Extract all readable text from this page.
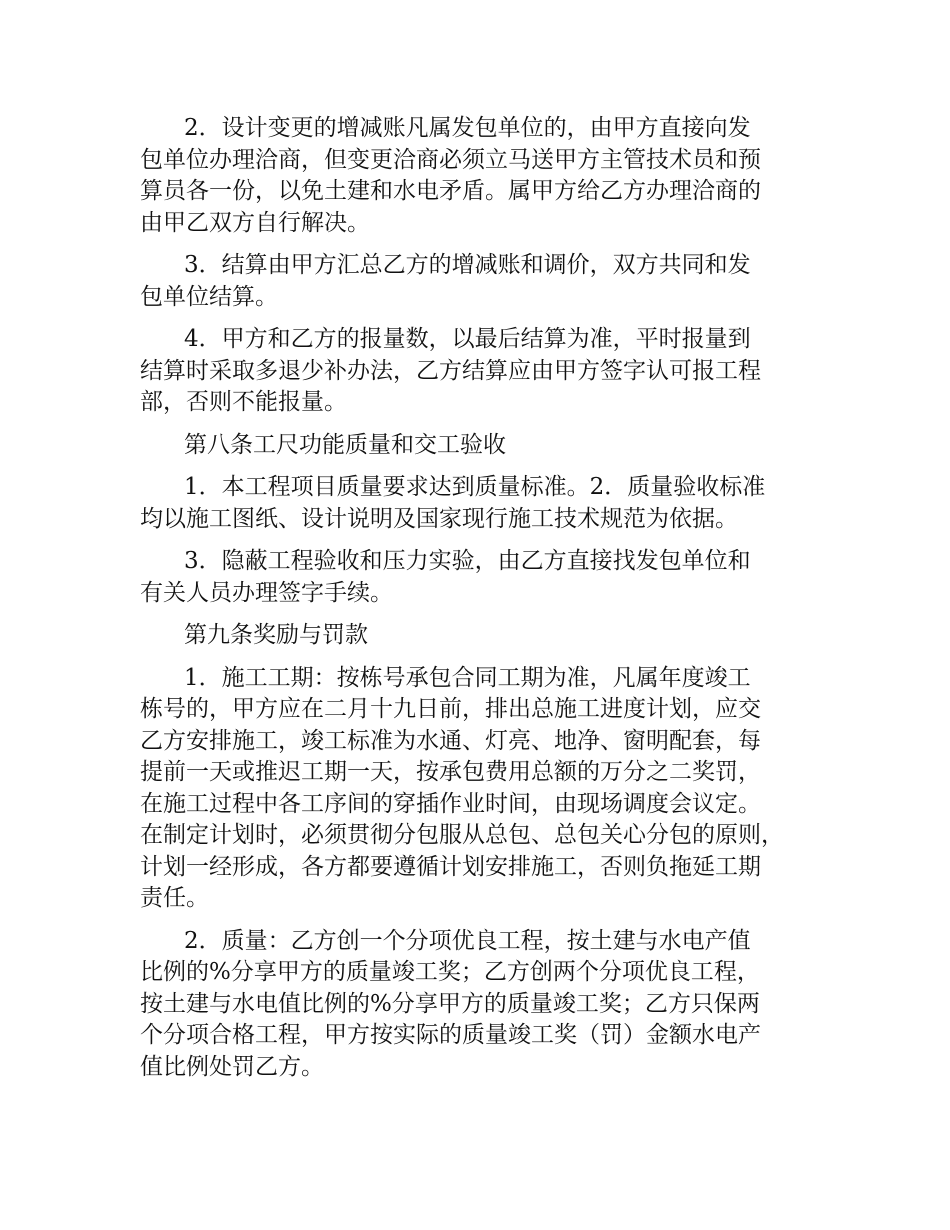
2．设计变更的增减账凡属发包单位的，由甲方直接向发
包单位办理洽商，但变更洽商必须立马送甲方主管技术员和预
算员各一份，以免土建和水电矛盾。属甲方给乙方办理洽商的
由甲乙双方自行解决。

3．结算由甲方汇总乙方的增减账和调价，双方共同和发
包单位结算。

4．甲方和乙方的报量数，以最后结算为准，平时报量到
结算时采取多退少补办法，乙方结算应由甲方签字认可报工程
部，否则不能报量。

第八条工尺功能质量和交工验收

1．本工程项目质量要求达到质量标准。2．质量验收标准
均以施工图纸、设计说明及国家现行施工技术规范为依据。

3．隐蔽工程验收和压力实验，由乙方直接找发包单位和
有关人员办理签字手续。

第九条奖励与罚款

1．施工工期：按栋号承包合同工期为准，凡属年度竣工
栋号的，甲方应在二月十九日前，排出总施工进度计划，应交
乙方安排施工，竣工标准为水通、灯亮、地净、窗明配套，每
提前一天或推迟工期一天，按承包费用总额的万分之二奖罚，
在施工过程中各工序间的穿插作业时间，由现场调度会议定。
在制定计划时，必须贯彻分包服从总包、总包关心分包的原则，
计划一经形成，各方都要遵循计划安排施工，否则负拖延工期
责任。

2．质量：乙方创一个分项优良工程，按土建与水电产值
比例的%分享甲方的质量竣工奖；乙方创两个分项优良工程，
按土建与水电值比例的%分享甲方的质量竣工奖；乙方只保两
个分项合格工程，甲方按实际的质量竣工奖（罚）金额水电产
值比例处罚乙方。
